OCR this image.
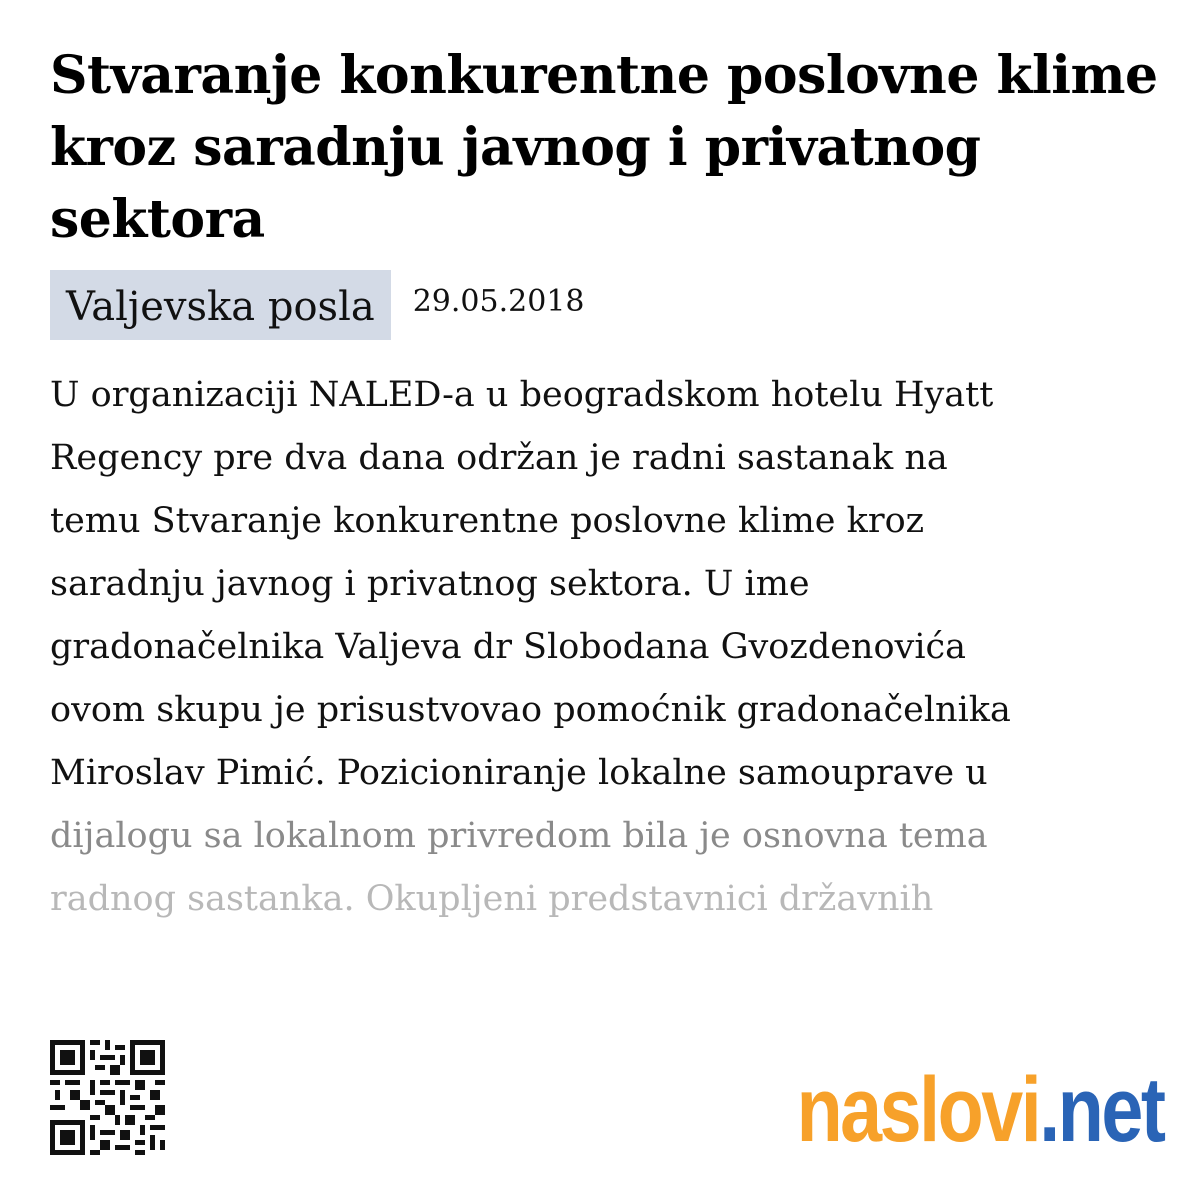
Stvaranje konkurentne poslovne klime kroz saradnju javnog i privatnog sektora
Valjevska posla	29.05.2018
U organizaciji NALED-a u beogradskom hotelu Hyatt
Regency pre dva dana održan je radni sastanak na
temu Stvaranje konkurentne poslovne klime kroz
saradnju javnog i privatnog sektora. U ime
gradonačelnika Valjeva dr Slobodana Gvozdenovića
ovom skupu je prisustvovao pomoćnik gradonačelnika
Miroslav Pimić. Pozicioniranje lokalne samouprave u
dijalogu sa lokalnom privredom bila je osnovna tema
radnog sastanka. Okupljeni predstavnici državnih
naslovi.net
